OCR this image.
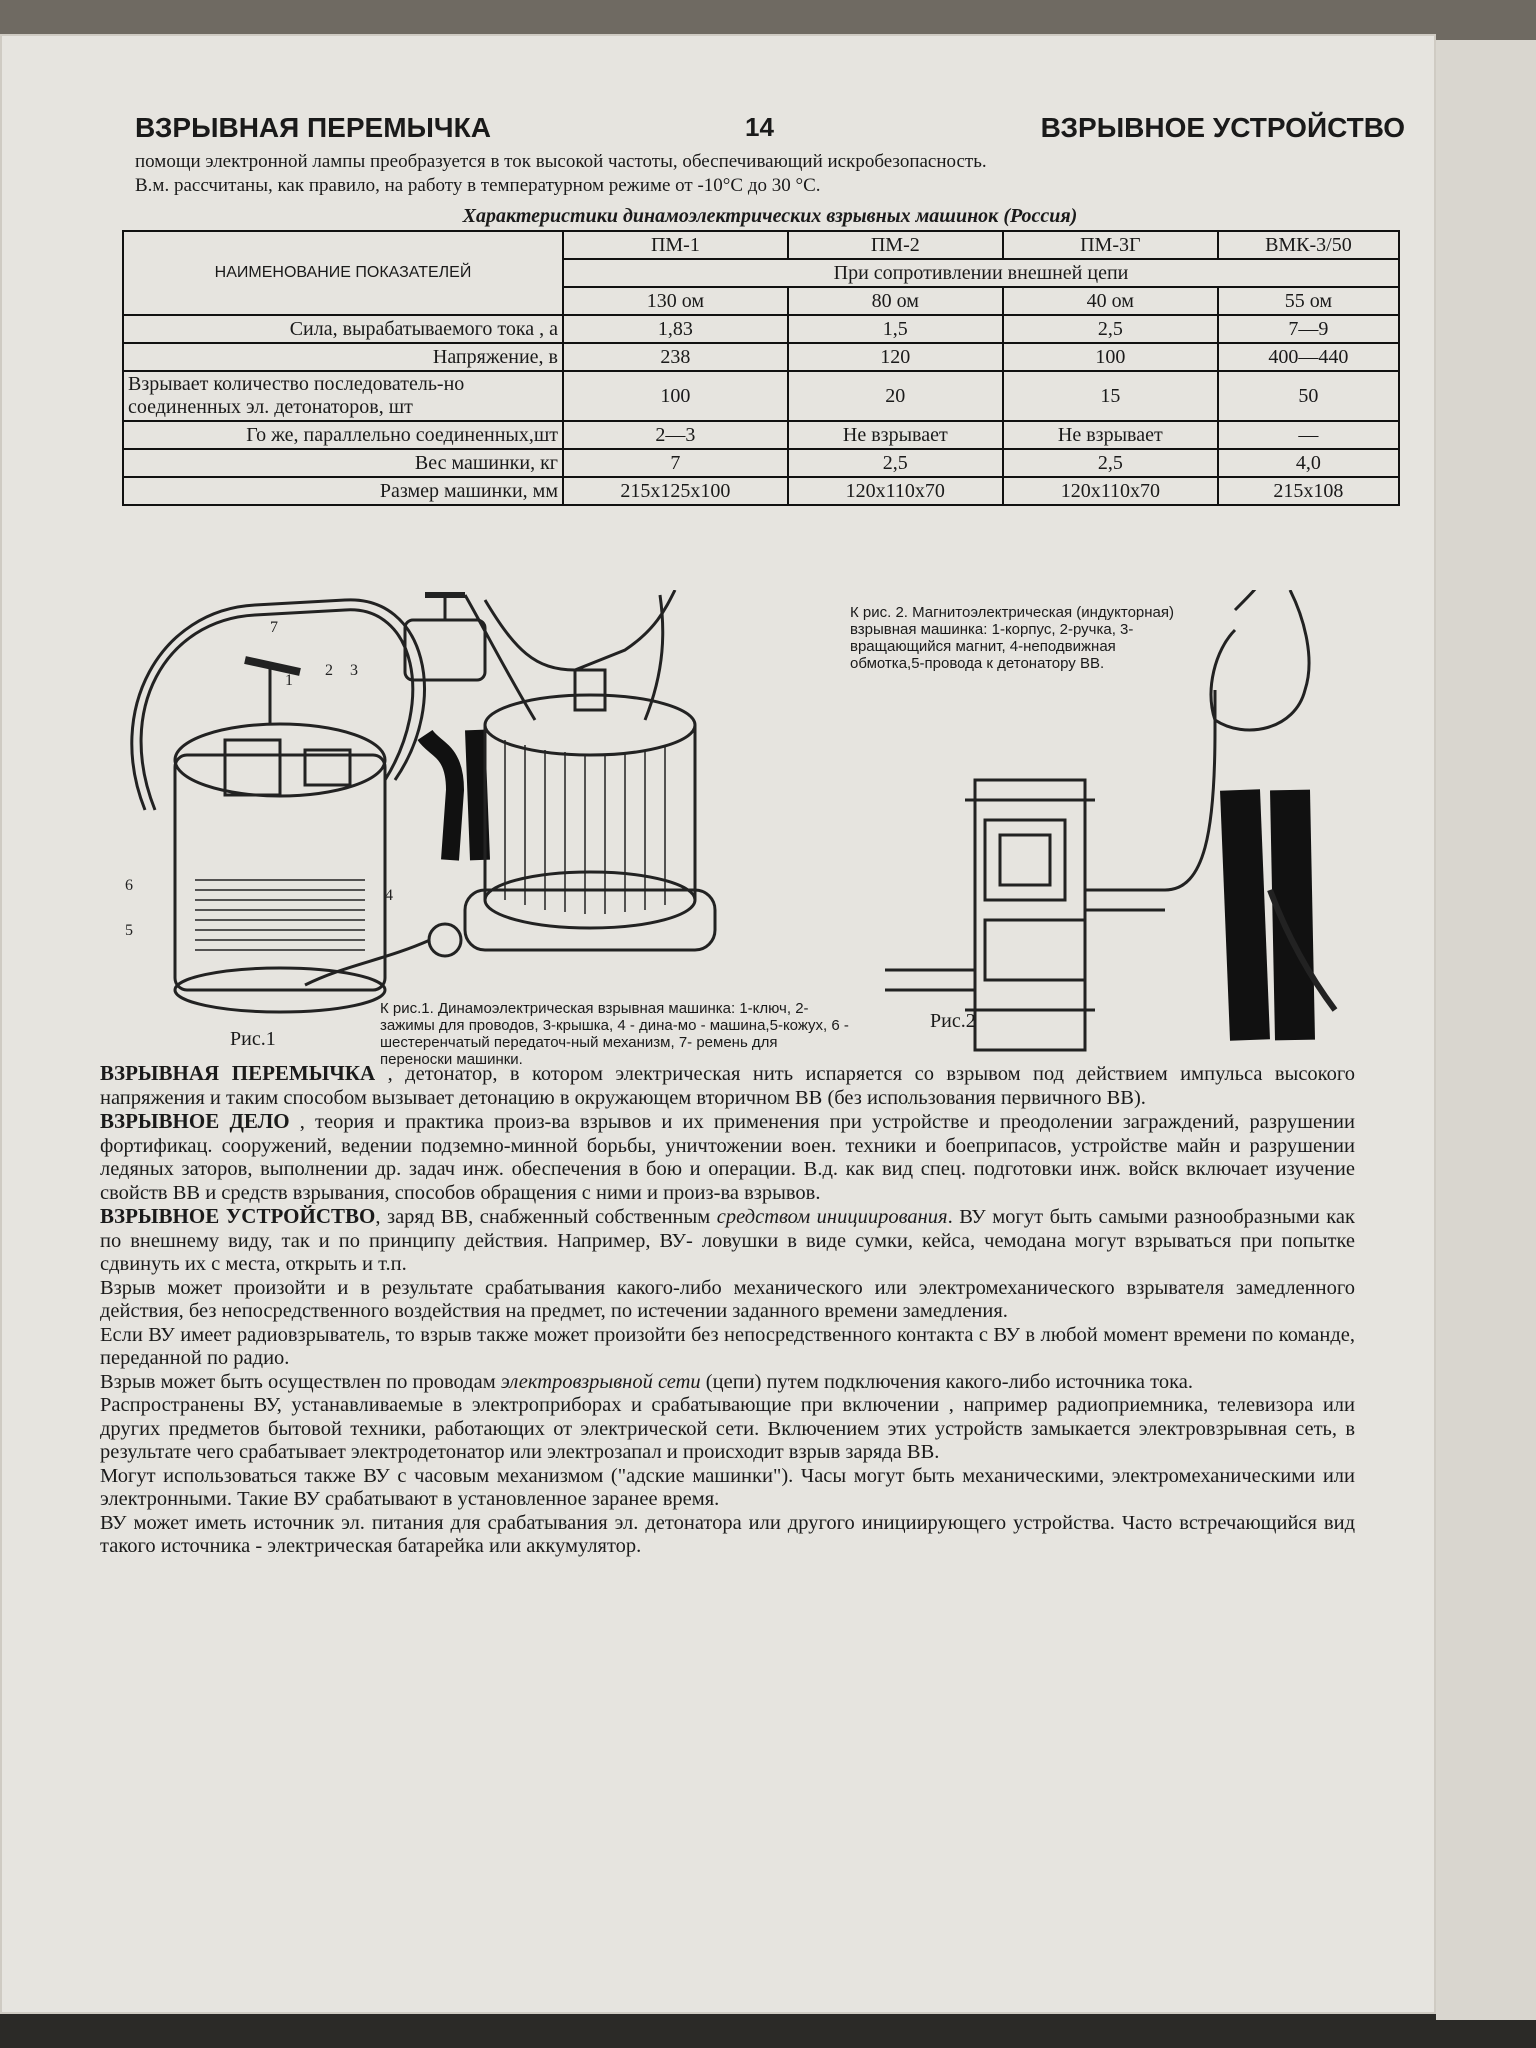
ВЗРЫВНАЯ ПЕРЕМЫЧКА	14	ВЗРЫВНОЕ УСТРОЙСТВО

помощи электронной лампы преобразуется в ток высокой частоты, обеспечивающий искробезопасность.

В.м. рассчитаны, как правило, на работу в температурном режиме от -10°С до 30 °С.

Характеристики динамоэлектрических взрывных машинок (Россия)
НАИМЕНОВАНИЕ ПОКАЗАТЕЛЕЙ	ПМ-1	ПМ-2	ПМ-3Г	ВМК-3/50
	При сопротивлении внешней цепи			
	130 ом	80 ом	40 ом	55 ом
Сила, вырабатываемого тока , а	1,83	1,5	2,5	7—9
Напряжение, в	238	120	100	400—440
Взрывает количество последователь-но соединенных эл. детонаторов, шт	100	20	15	50
Го же, параллельно соединенных,шт	2—3	Не взрывает	Не взрывает	—
Вес машинки, кг	7	2,5	2,5	4,0
Размер машинки, мм	215x125x100	120x110x70	120x110x70	215x108
7
1
2 3
4
6
5
К рис. 2. Магнитоэлектрическая (индукторная) взрывная машинка: 1-корпус, 2-ручка, 3-вращающийся магнит, 4-неподвижная обмотка,5-провода к детонатору ВВ.
Рис.2
Рис.1
К рис.1. Динамоэлектрическая взрывная машинка: 1-ключ, 2-зажимы для проводов, 3-крышка, 4 - дина-мо - машина,5-кожух, 6 - шестеренчатый передаточ-ный механизм, 7- ремень для переноски машинки.

ВЗРЫВНАЯ ПЕРЕМЫЧКА , детонатор, в котором электрическая нить испаряется со взрывом под действием импульса высокого напряжения и таким способом вызывает детонацию в окружающем вторичном ВВ (без использования первичного ВВ).

ВЗРЫВНОЕ ДЕЛО , теория и практика произ-ва взрывов и их применения при устройстве и преодолении заграждений, разрушении фортификац. сооружений, ведении подземно-минной борьбы, уничтожении воен. техники и боеприпасов, устройстве майн и разрушении ледяных заторов, выполнении др. задач инж. обеспечения в бою и операции. В.д. как вид спец. подготовки инж. войск включает изучение свойств ВВ и средств взрывания, способов обращения с ними и произ-ва взрывов.

ВЗРЫВНОЕ УСТРОЙСТВО, заряд ВВ, снабженный собственным средством инициирования. ВУ могут быть самыми разнообразными как по внешнему виду, так и по принципу действия. Например, ВУ- ловушки в виде сумки, кейса, чемодана могут взрываться при попытке сдвинуть их с места, открыть и т.п.

Взрыв может произойти и в результате срабатывания какого-либо механического или электромеханического взрывателя замедленного действия, без непосредственного воздействия на предмет, по истечении заданного времени замедления.

Если ВУ имеет радиовзрыватель, то взрыв также может произойти без непосредственного контакта с ВУ в любой момент времени по команде, переданной по радио.

Взрыв может быть осуществлен по проводам электровзрывной сети (цепи) путем подключения какого-либо источника тока.

Распространены ВУ, устанавливаемые в электроприборах и срабатывающие при включении , например радиоприемника, телевизора или других предметов бытовой техники, работающих от электрической сети. Включением этих устройств замыкается электровзрывная сеть, в результате чего срабатывает электродетонатор или электрозапал и происходит взрыв заряда ВВ.

Могут использоваться также ВУ с часовым механизмом ("адские машинки"). Часы могут быть механическими, электромеханическими или электронными. Такие ВУ срабатывают в установленное заранее время.

ВУ может иметь источник эл. питания для срабатывания эл. детонатора или другого инициирующего устройства. Часто встречающийся вид такого источника - электрическая батарейка или аккумулятор.
